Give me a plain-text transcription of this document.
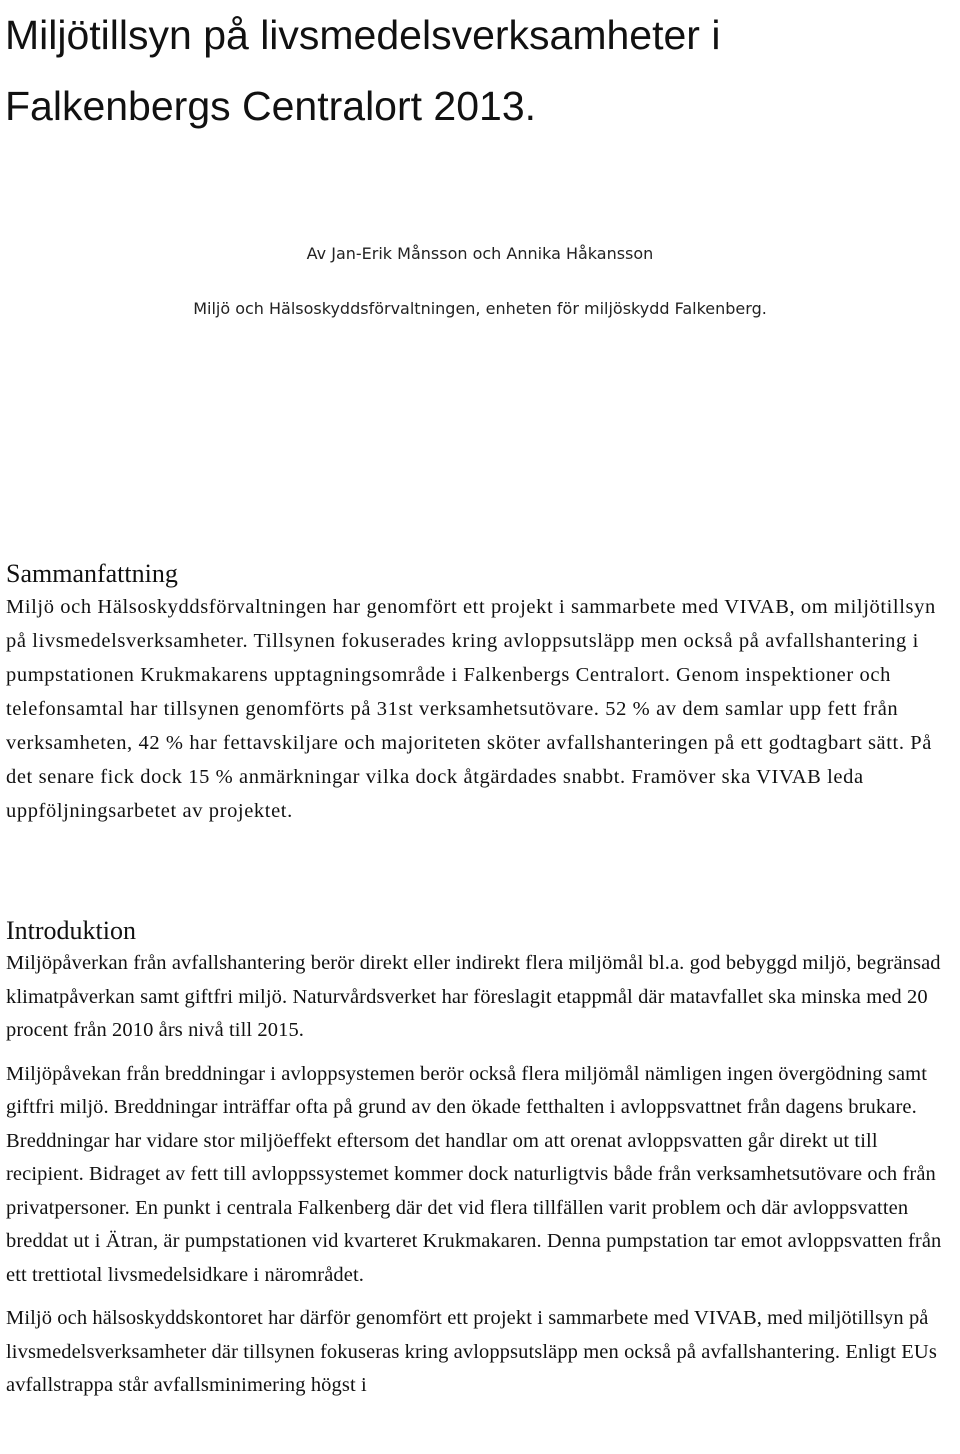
Miljötillsyn på livsmedelsverksamheter i Falkenbergs Centralort 2013.

Av Jan-Erik Månsson och Annika Håkansson

Miljö och Hälsoskyddsförvaltningen, enheten för miljöskydd Falkenberg.

Sammanfattning

Miljö och Hälsoskyddsförvaltningen har genomfört ett projekt i sammarbete med VIVAB, om miljötillsyn på livsmedelsverksamheter. Tillsynen fokuserades kring avloppsutsläpp men också på avfallshantering i pumpstationen Krukmakarens upptagningsområde i Falkenbergs Centralort. Genom inspektioner och telefonsamtal har tillsynen genomförts på 31st verksamhetsutövare. 52 % av dem samlar upp fett från verksamheten, 42 % har fettavskiljare och majoriteten sköter avfallshanteringen på ett godtagbart sätt. På det senare fick dock 15 % anmärkningar vilka dock åtgärdades snabbt. Framöver ska VIVAB leda uppföljningsarbetet av projektet.

Introduktion

Miljöpåverkan från avfallshantering berör direkt eller indirekt flera miljömål bl.a. god bebyggd miljö, begränsad klimatpåverkan samt giftfri miljö. Naturvårdsverket har föreslagit etappmål där matavfallet ska minska med 20 procent från 2010 års nivå till 2015.

Miljöpåvekan från breddningar i avloppsystemen berör också flera miljömål nämligen ingen övergödning samt giftfri miljö. Breddningar inträffar ofta på grund av den ökade fetthalten i avloppsvattnet från dagens brukare. Breddningar har vidare stor miljöeffekt eftersom det handlar om att orenat avloppsvatten går direkt ut till recipient. Bidraget av fett till avloppssystemet kommer dock naturligtvis både från verksamhetsutövare och från privatpersoner. En punkt i centrala Falkenberg där det vid flera tillfällen varit problem och där avloppsvatten breddat ut i Ätran, är pumpstationen vid kvarteret Krukmakaren. Denna pumpstation tar emot avloppsvatten från ett trettiotal livsmedelsidkare i närområdet.

Miljö och hälsoskyddskontoret har därför genomfört ett projekt i sammarbete med VIVAB, med miljötillsyn på livsmedelsverksamheter där tillsynen fokuseras kring avloppsutsläpp men också på avfallshantering. Enligt EUs avfallstrappa står avfallsminimering högst i
